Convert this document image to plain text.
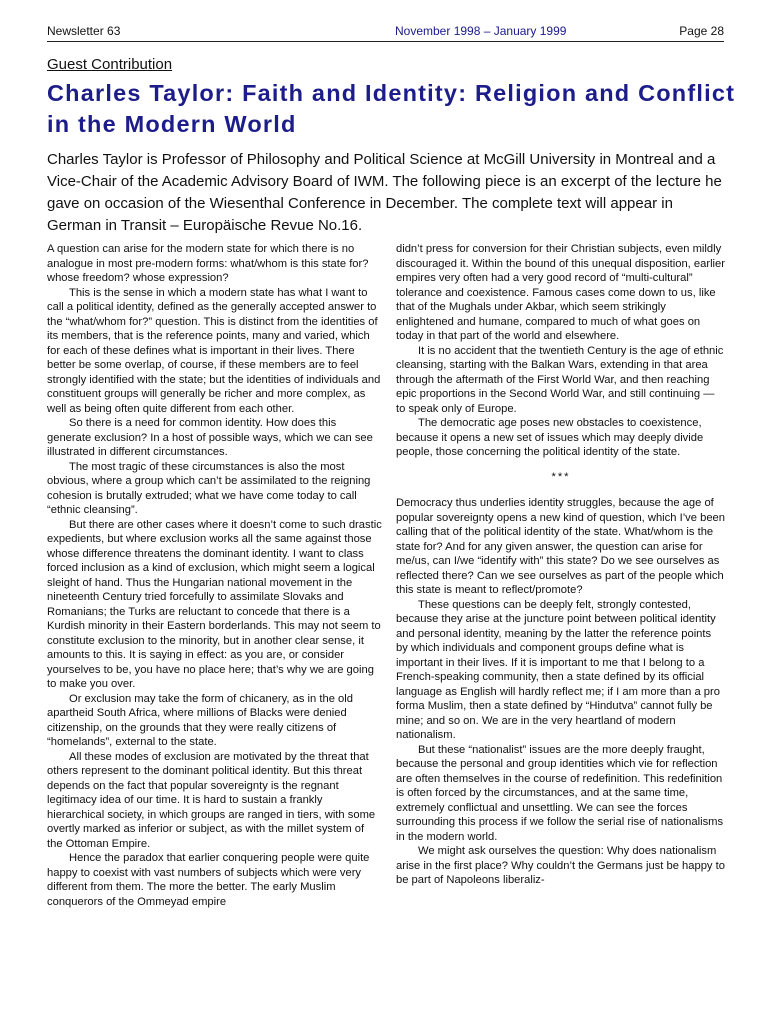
Newsletter 63	November 1998 – January 1999	Page 28
Guest Contribution
Charles Taylor: Faith and Identity: Religion and Conflict in the Modern World

Charles Taylor is Professor of Philosophy and Political Science at McGill University in Montreal and a Vice-Chair of the Academic Advisory Board of IWM. The following piece is an excerpt of the lecture he gave on occasion of the Wiesenthal Conference in December. The complete text will appear in German in Transit – Europäische Revue No.16.

A question can arise for the modern state for which there is no analogue in most pre-modern forms: what/whom is this state for? whose freedom? whose expression?

This is the sense in which a modern state has what I want to call a political identity, defined as the generally accepted answer to the “what/whom for?” question. This is distinct from the identities of its members, that is the reference points, many and varied, which for each of these defines what is important in their lives. There better be some overlap, of course, if these members are to feel strongly identified with the state; but the identities of individuals and constituent groups will generally be richer and more complex, as well as being often quite different from each other.

So there is a need for common identity. How does this generate exclusion? In a host of possible ways, which we can see illustrated in different circumstances.

The most tragic of these circumstances is also the most obvious, where a group which can’t be assimilated to the reigning cohesion is brutally extruded; what we have come today to call “ethnic cleansing”.

But there are other cases where it doesn’t come to such drastic expedients, but where exclusion works all the same against those whose difference threatens the dominant identity. I want to class forced inclusion as a kind of exclusion, which might seem a logical sleight of hand. Thus the Hungarian national movement in the nineteenth Century tried forcefully to assimilate Slovaks and Romanians; the Turks are reluctant to concede that there is a Kurdish minority in their Eastern borderlands. This may not seem to constitute exclusion to the minority, but in another clear sense, it amounts to this. It is saying in effect: as you are, or consider yourselves to be, you have no place here; that’s why we are going to make you over.

Or exclusion may take the form of chicanery, as in the old apartheid South Africa, where millions of Blacks were denied citizenship, on the grounds that they were really citizens of “homelands”, external to the state.

All these modes of exclusion are motivated by the threat that others represent to the dominant political identity. But this threat depends on the fact that popular sovereignty is the regnant legitimacy idea of our time. It is hard to sustain a frankly hierarchical society, in which groups are ranged in tiers, with some overtly marked as inferior or subject, as with the millet system of the Ottoman Empire.

Hence the paradox that earlier conquering people were quite happy to coexist with vast numbers of subjects which were very different from them. The more the better. The early Muslim conquerors of the Ommeyad empire

didn’t press for conversion for their Christian subjects, even mildly discouraged it. Within the bound of this unequal disposition, earlier empires very often had a very good record of “multi-cultural” tolerance and coexistence. Famous cases come down to us, like that of the Mughals under Akbar, which seem strikingly enlightened and humane, compared to much of what goes on today in that part of the world and elsewhere.

It is no accident that the twentieth Century is the age of ethnic cleansing, starting with the Balkan Wars, extending in that area through the aftermath of the First World War, and then reaching epic proportions in the Second World War, and still continuing — to speak only of Europe.

The democratic age poses new obstacles to coexistence, because it opens a new set of issues which may deeply divide people, those concerning the political identity of the state.

***

Democracy thus underlies identity struggles, because the age of popular sovereignty opens a new kind of question, which I’ve been calling that of the political identity of the state. What/whom is the state for? And for any given answer, the question can arise for me/us, can I/we “identify with” this state? Do we see ourselves as reflected there? Can we see ourselves as part of the people which this state is meant to reflect/promote?

These questions can be deeply felt, strongly contested, because they arise at the juncture point between political identity and personal identity, meaning by the latter the reference points by which individuals and component groups define what is important in their lives. If it is important to me that I belong to a French-speaking community, then a state defined by its official language as English will hardly reflect me; if I am more than a pro forma Muslim, then a state defined by “Hindutva” cannot fully be mine; and so on. We are in the very heartland of modern nationalism.

But these “nationalist” issues are the more deeply fraught, because the personal and group identities which vie for reflection are often themselves in the course of redefinition. This redefinition is often forced by the circumstances, and at the same time, extremely conflictual and unsettling. We can see the forces surrounding this process if we follow the serial rise of nationalisms in the modern world.

We might ask ourselves the question: Why does nationalism arise in the first place? Why couldn’t the Germans just be happy to be part of Napoleons liberaliz-
